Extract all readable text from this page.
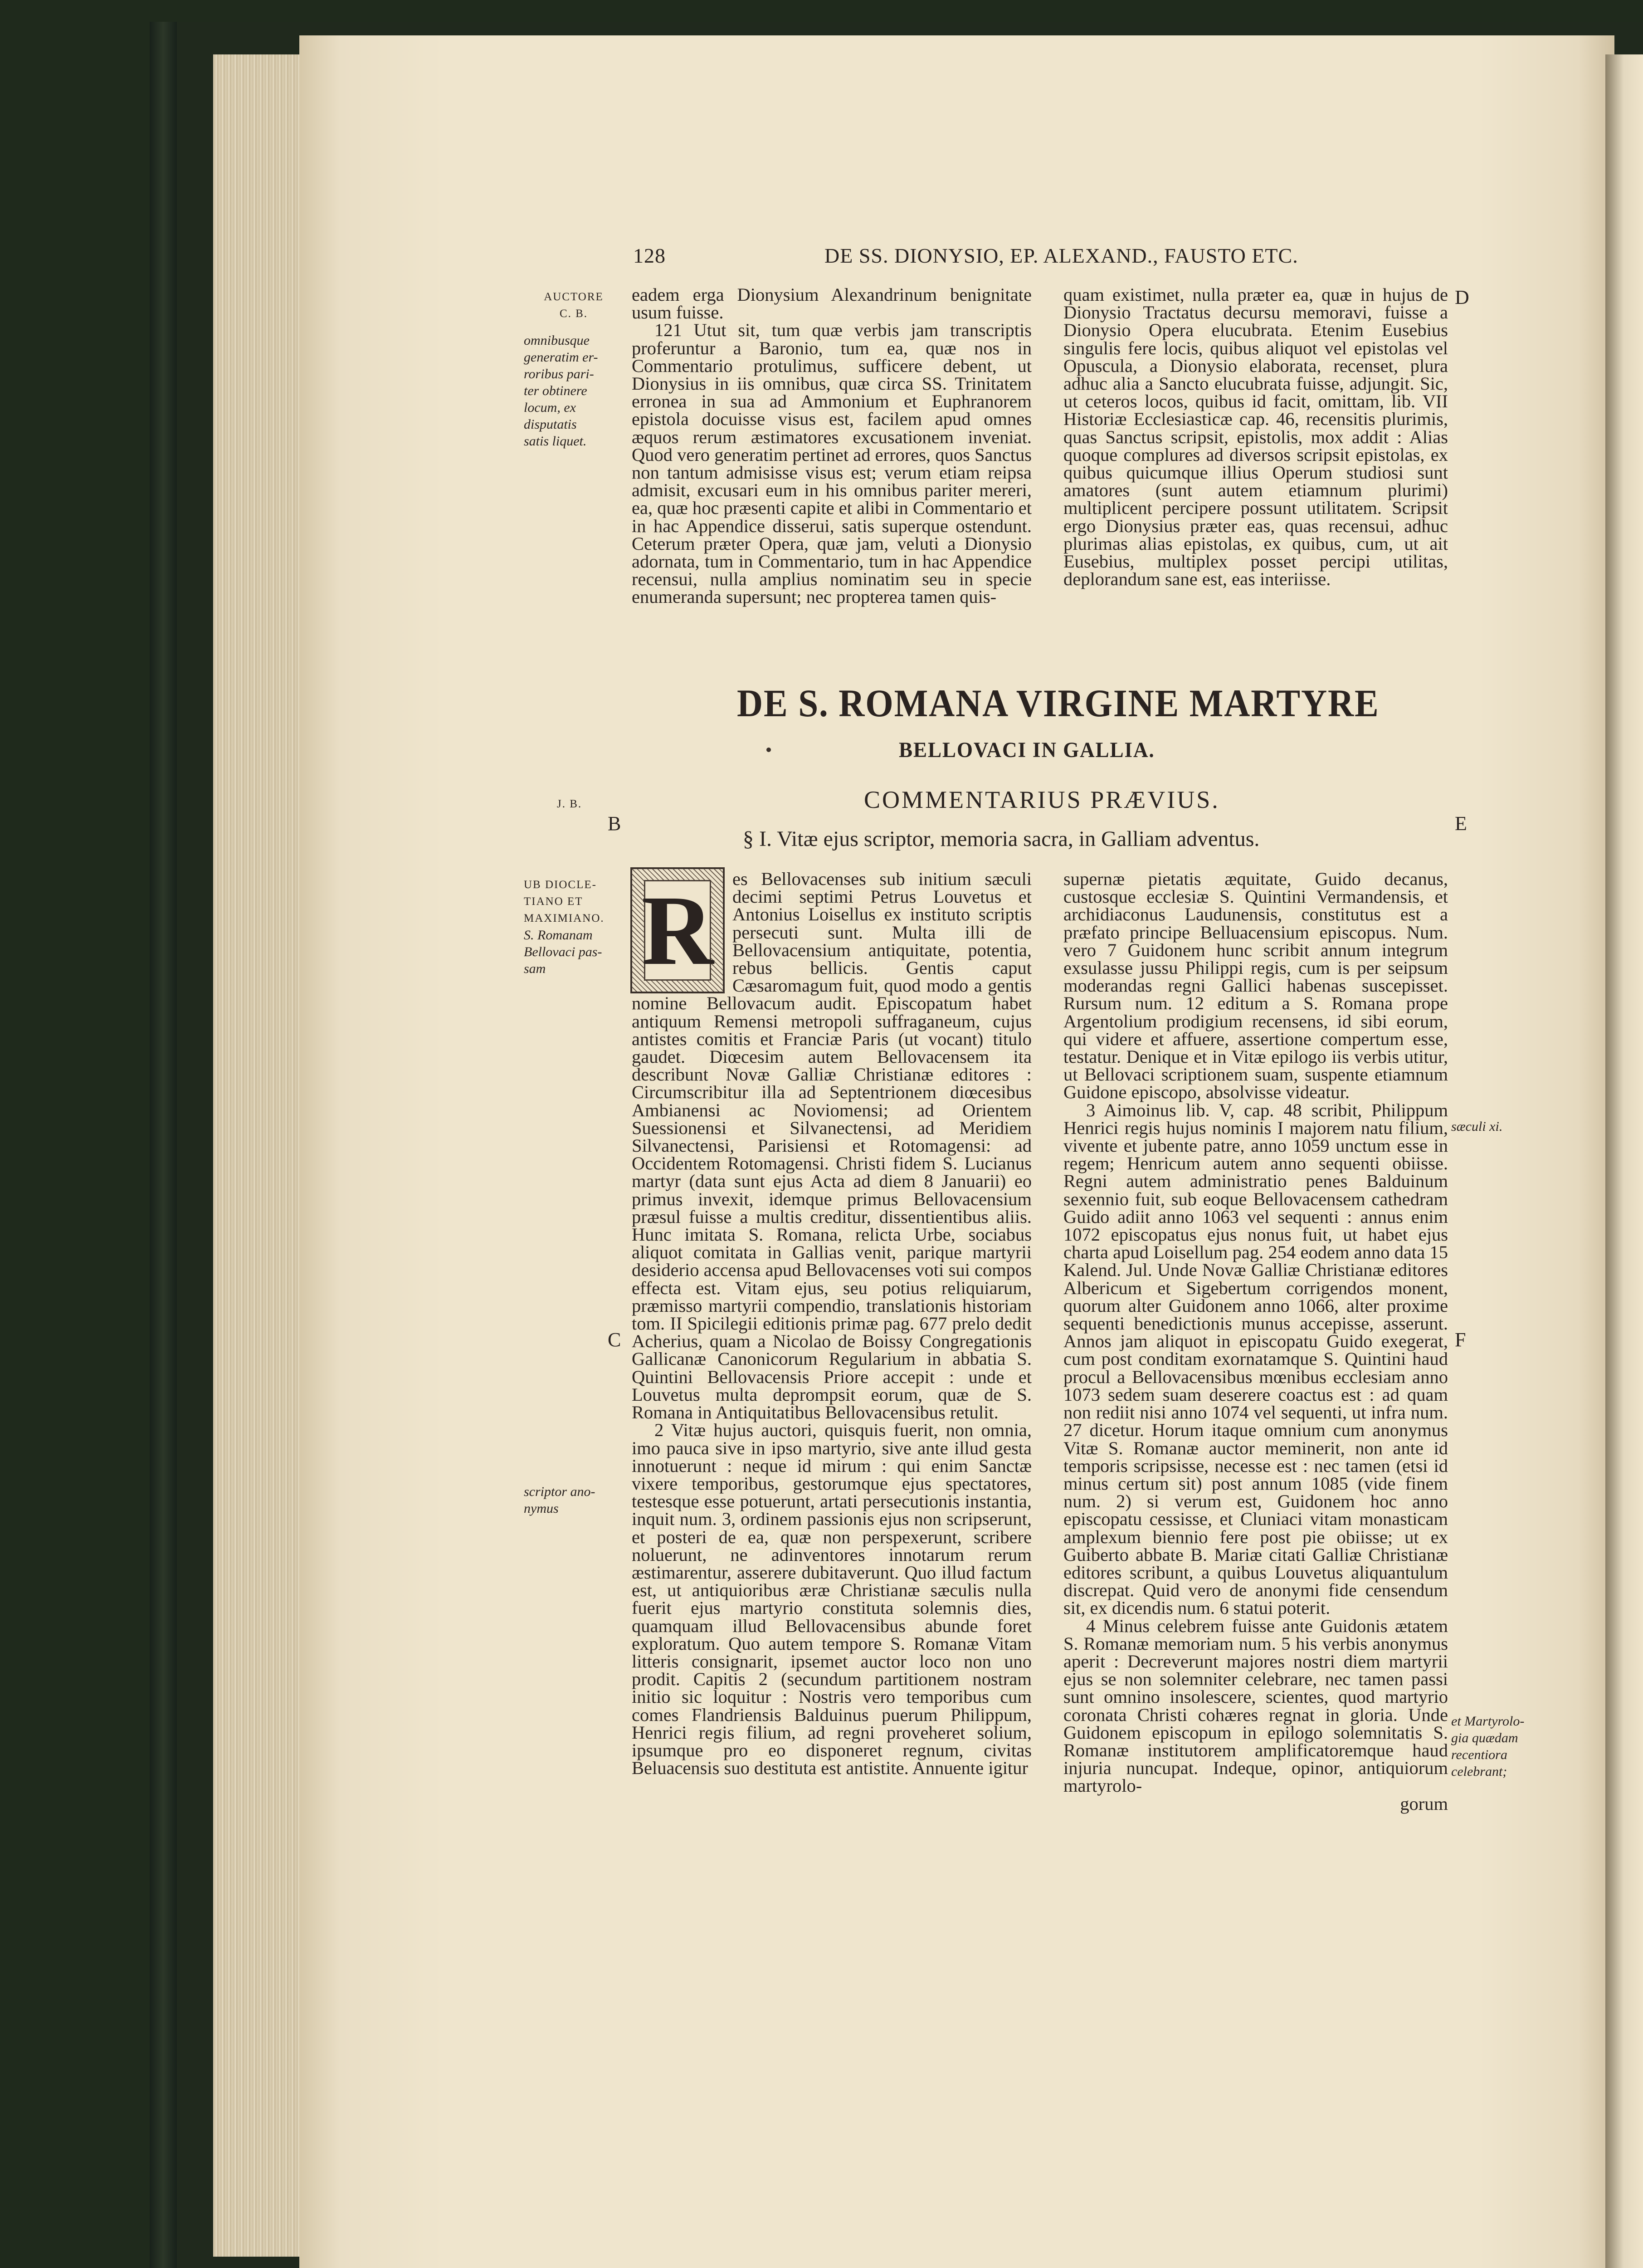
128	DE SS. DIONYSIO, EP. ALEXAND., FAUSTO ETC.
D
B	E
C	F
AUCTORE
C. B.
omnibusque
generatim er-
roribus pari-
ter obtinere
locum, ex
disputatis
satis liquet.
J. B.
UB DIOCLE-
TIANO ET
MAXIMIANO.
S. Romanam
Bellovaci pas-
sam
scriptor ano-
nymus
sæculi xi.
et Martyrolo-
gia quædam
recentiora
celebrant;

eadem erga Dionysium Alexandrinum benignitate usum fuisse.

121 Utut sit, tum quæ verbis jam transcriptis proferuntur a Baronio, tum ea, quæ nos in Commentario protulimus, sufficere debent, ut Dionysius in iis omnibus, quæ circa SS. Trinitatem erronea in sua ad Ammonium et Euphranorem epistola docuisse visus est, facilem apud omnes æquos rerum æstimatores excusationem inveniat. Quod vero generatim pertinet ad errores, quos Sanctus non tantum admisisse visus est; verum etiam reipsa admisit, excusari eum in his omnibus pariter mereri, ea, quæ hoc præsenti capite et alibi in Commentario et in hac Appendice disserui, satis superque ostendunt. Ceterum præter Opera, quæ jam, veluti a Dionysio adornata, tum in Commentario, tum in hac Appendice recensui, nulla amplius nominatim seu in specie enumeranda supersunt; nec propterea tamen quis-

quam existimet, nulla præter ea, quæ in hujus de Dionysio Tractatus decursu memoravi, fuisse a Dionysio Opera elucubrata. Etenim Eusebius singulis fere locis, quibus aliquot vel epistolas vel Opuscula, a Dionysio elaborata, recenset, plura adhuc alia a Sancto elucubrata fuisse, adjungit. Sic, ut ceteros locos, quibus id facit, omittam, lib. VII Historiæ Ecclesiasticæ cap. 46, recensitis plurimis, quas Sanctus scripsit, epistolis, mox addit : Alias quoque complures ad diversos scripsit epistolas, ex quibus quicumque illius Operum studiosi sunt amatores (sunt autem etiamnum plurimi) multiplicent percipere possunt utilitatem. Scripsit ergo Dionysius præter eas, quas recensui, adhuc plurimas alias epistolas, ex quibus, cum, ut ait Eusebius, multiplex posset percipi utilitas, deplorandum sane est, eas interiisse.

DE S. ROMANA VIRGINE MARTYRE
BELLOVACI IN GALLIA.
COMMENTARIUS PRÆVIUS.
§ I. Vitæ ejus scriptor, memoria sacra, in Galliam adventus.
R	es Bellovacenses sub initium sæculi decimi septimi Petrus Louvetus et Antonius Loisellus ex instituto scriptis persecuti sunt. Multa illi de Bellovacensium antiquitate, potentia, rebus bellicis. Gentis caput Cæsaromagum fuit, quod modo a gentis nomine Bellovacum audit. Episcopatum habet antiquum Remensi metropoli suffraganeum, cujus antistes comitis et Franciæ Paris (ut vocant) titulo gaudet. Diœcesim autem Bellovacensem ita describunt Novæ Galliæ Christianæ editores : Circumscribitur illa ad Septentrionem diœcesibus Ambianensi ac Noviomensi; ad Orientem Suessionensi et Silvanectensi, ad Meridiem Silvanectensi, Parisiensi et Rotomagensi: ad Occidentem Rotomagensi. Christi fidem S. Lucianus martyr (data sunt ejus Acta ad diem 8 Januarii) eo primus invexit, idemque primus Bellovacensium præsul fuisse a multis creditur, dissentientibus aliis. Hunc imitata S. Romana, relicta Urbe, sociabus aliquot comitata in Gallias venit, parique martyrii desiderio accensa apud Bellovacenses voti sui compos effecta est. Vitam ejus, seu potius reliquiarum, præmisso martyrii compendio, translationis historiam tom. II Spicilegii editionis primæ pag. 677 prelo dedit Acherius, quam a Nicolao de Boissy Congregationis Gallicanæ Canonicorum Regularium in abbatia S. Quintini Bellovacensis Priore accepit : unde et Louvetus multa deprompsit eorum, quæ de S. Romana in Antiquitatibus Bellovacensibus retulit.

2 Vitæ hujus auctori, quisquis fuerit, non omnia, imo pauca sive in ipso martyrio, sive ante illud gesta innotuerunt : neque id mirum : qui enim Sanctæ vixere temporibus, gestorumque ejus spectatores, testesque esse potuerunt, artati persecutionis instantia, inquit num. 3, ordinem passionis ejus non scripserunt, et posteri de ea, quæ non perspexerunt, scribere noluerunt, ne adinventores innotarum rerum æstimarentur, asserere dubitaverunt. Quo illud factum est, ut antiquioribus æræ Christianæ sæculis nulla fuerit ejus martyrio constituta solemnis dies, quamquam illud Bellovacensibus abunde foret exploratum. Quo autem tempore S. Romanæ Vitam litteris consignarit, ipsemet auctor loco non uno prodit. Capitis 2 (secundum partitionem nostram initio sic loquitur : Nostris vero temporibus cum comes Flandriensis Balduinus puerum Philippum, Henrici regis filium, ad regni proveheret solium, ipsumque pro eo disponeret regnum, civitas Beluacensis suo destituta est antistite. Annuente igitur

supernæ pietatis æquitate, Guido decanus, custosque ecclesiæ S. Quintini Vermandensis, et archidiaconus Laudunensis, constitutus est a præfato principe Belluacensium episcopus. Num. vero 7 Guidonem hunc scribit annum integrum exsulasse jussu Philippi regis, cum is per seipsum moderandas regni Gallici habenas suscepisset. Rursum num. 12 editum a S. Romana prope Argentolium prodigium recensens, id sibi eorum, qui videre et affuere, assertione compertum esse, testatur. Denique et in Vitæ epilogo iis verbis utitur, ut Bellovaci scriptionem suam, suspente etiamnum Guidone episcopo, absolvisse videatur.

3 Aimoinus lib. V, cap. 48 scribit, Philippum Henrici regis hujus nominis I majorem natu filium, vivente et jubente patre, anno 1059 unctum esse in regem; Henricum autem anno sequenti obiisse. Regni autem administratio penes Balduinum sexennio fuit, sub eoque Bellovacensem cathedram Guido adiit anno 1063 vel sequenti : annus enim 1072 episcopatus ejus nonus fuit, ut habet ejus charta apud Loisellum pag. 254 eodem anno data 15 Kalend. Jul. Unde Novæ Galliæ Christianæ editores Albericum et Sigebertum corrigendos monent, quorum alter Guidonem anno 1066, alter proxime sequenti benedictionis munus accepisse, asserunt. Annos jam aliquot in episcopatu Guido exegerat, cum post conditam exornatamque S. Quintini haud procul a Bellovacensibus mœnibus ecclesiam anno 1073 sedem suam deserere coactus est : ad quam non rediit nisi anno 1074 vel sequenti, ut infra num. 27 dicetur. Horum itaque omnium cum anonymus Vitæ S. Romanæ auctor meminerit, non ante id temporis scripsisse, necesse est : nec tamen (etsi id minus certum sit) post annum 1085 (vide finem num. 2) si verum est, Guidonem hoc anno episcopatu cessisse, et Cluniaci vitam monasticam amplexum biennio fere post pie obiisse; ut ex Guiberto abbate B. Mariæ citati Galliæ Christianæ editores scribunt, a quibus Louvetus aliquantulum discrepat. Quid vero de anonymi fide censendum sit, ex dicendis num. 6 statui poterit.

4 Minus celebrem fuisse ante Guidonis ætatem S. Romanæ memoriam num. 5 his verbis anonymus aperit : Decreverunt majores nostri diem martyrii ejus se non solemniter celebrare, nec tamen passi sunt omnino insolescere, scientes, quod martyrio coronata Christi cohæres regnat in gloria. Unde Guidonem episcopum in epilogo solemnitatis S. Romanæ institutorem amplificatoremque haud injuria nuncupat. Indeque, opinor, antiquiorum martyrolo-

gorum
